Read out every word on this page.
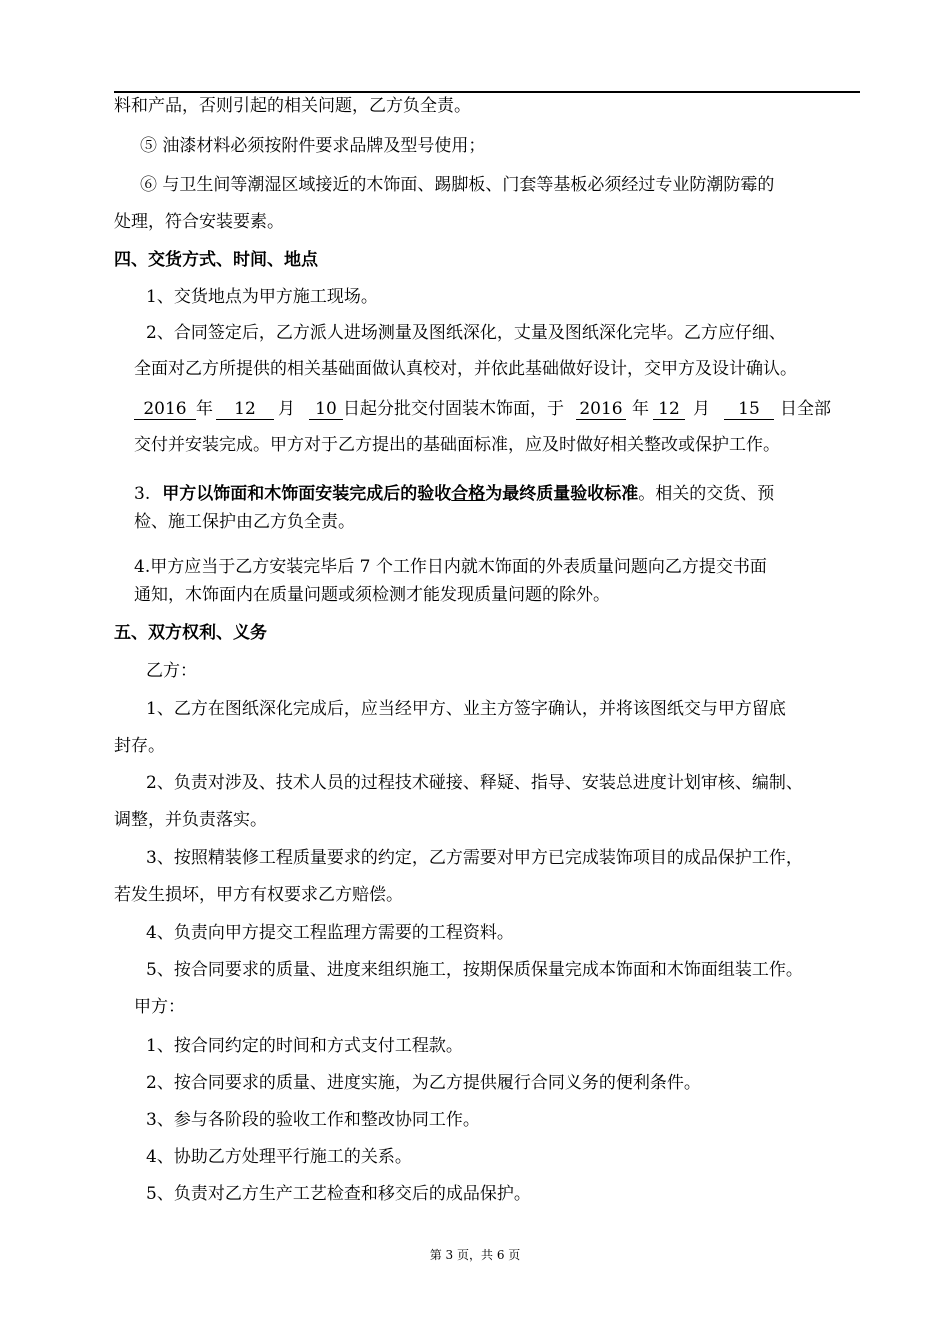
料和产品，否则引起的相关问题，乙方负全责。
⑤ 油漆材料必须按附件要求品牌及型号使用；
⑥ 与卫生间等潮湿区域接近的木饰面、踢脚板、门套等基板必须经过专业防潮防霉的
处理，符合安装要素。
四、交货方式、时间、地点
1、交货地点为甲方施工现场。
2、合同签定后，乙方派人进场测量及图纸深化，丈量及图纸深化完毕。乙方应仔细、
全面对乙方所提供的相关基础面做认真校对，并依此基础做好设计，交甲方及设计确认。
2016 年 12 月 10 日起分批交付固装木饰面，于 2016 年 12 月 15 日全部
交付并安装完成。甲方对于乙方提出的基础面标准，应及时做好相关整改或保护工作。
3. 甲方以饰面和木饰面安装完成后的验收合格为最终质量验收标准。相关的交货、预
检、施工保护由乙方负全责。
4.甲方应当于乙方安装完毕后 7 个工作日内就木饰面的外表质量问题向乙方提交书面
通知，木饰面内在质量问题或须检测才能发现质量问题的除外。
五、双方权利、义务
乙方：
1、乙方在图纸深化完成后，应当经甲方、业主方签字确认，并将该图纸交与甲方留底
封存。
2、负责对涉及、技术人员的过程技术碰接、释疑、指导、安装总进度计划审核、编制、
调整，并负责落实。
3、按照精装修工程质量要求的约定，乙方需要对甲方已完成装饰项目的成品保护工作，
若发生损坏，甲方有权要求乙方赔偿。
4、负责向甲方提交工程监理方需要的工程资料。
5、按合同要求的质量、进度来组织施工，按期保质保量完成本饰面和木饰面组装工作。
甲方：
1、按合同约定的时间和方式支付工程款。
2、按合同要求的质量、进度实施，为乙方提供履行合同义务的便利条件。
3、参与各阶段的验收工作和整改协同工作。
4、协助乙方处理平行施工的关系。
5、负责对乙方生产工艺检查和移交后的成品保护。
第 3 页，共 6 页
